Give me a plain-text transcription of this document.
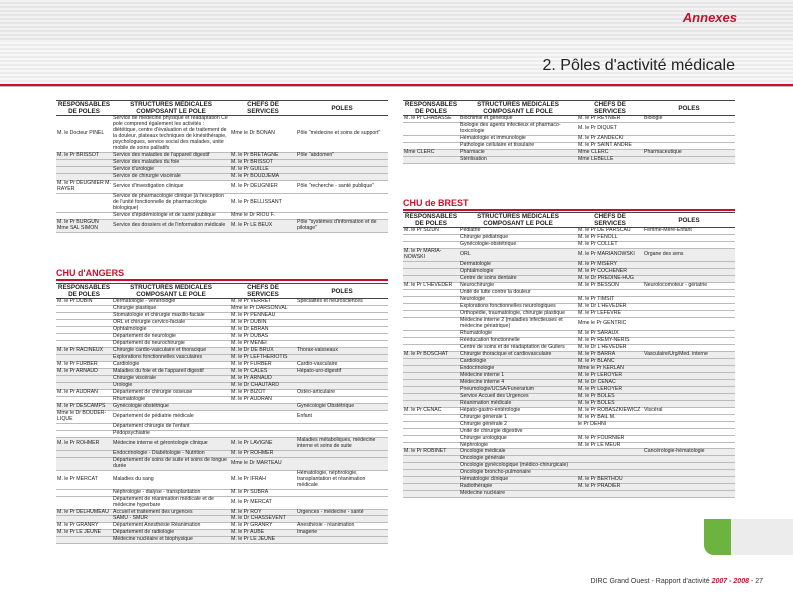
Annexes
2. Pôles d'activité médicale
RESPONSABLES DE POLES	STRUCTURES MEDICALES COMPOSANT LE POLE	CHEFS DE SERVICES	POLES
M. le Docteur PINEL	Service de médecine physique et réadaptation Ce pole comprend également les activités : diététique, centre d'évaluation et de traitement de la douleur, plateaux techniques de kinésithérapie, psychologues, service social des malades, unite mobile de soins palliatifs	Mme le Dr BONAN	Pôle "médecine et soins de support"
M. le Pr BRISSOT	Service des maladies de l'appareil digestif	M. le Pr BRETAGNE	Pôle "abdomen"
	Service des maladies du foie	M. le Pr BRISSOT	
	Service d'urologie	M. le Pr GUILLE	
	Service de chirurgie viscérale	M. le Pr BOUDJEMA	
M. le Pr DEUGNIER M. RAYER	Service d'investigation clinique	M. le Pr DEUGNIER	Pôle "recherche - santé publique"
	Service de pharmacologie clinique (à l'exception de l'unité fonctionnelle de pharmacologie biologique)	M. le Pr BELLISSANT	
	Service d'épidémiologie et de santé publique	Mme le Dr RIOU F.	
M. le Pr BURGUN Mme SAL SIMON	Service des dossiers et de l'information médicale	M. le Pr LE BEUX	Pôle "systèmes d'information et de pilotage"
CHU d'ANGERS
RESPONSABLES DE POLES	STRUCTURES MEDICALES COMPOSANT LE POLE	CHEFS DE SERVICES	POLES
M. le Pr DUBIN	Dermatologie - vénérologie	M. le Pr VERRET	Spécialités et neurosciences
	Chirurgie plastique	Mme le Pr DARSONVAL	
	Stomatologie et chirurgie maxillo-faciale	M. le Pr PENNEAU	
	ORL et chirurgie cervico-faciale	M. le Pr DUBIN	
	Ophtalmologie	M. le Dr EBRAN	
	Département de neurologie	M. le Pr DUBAS	
	Département de neurochirurgie	M. le Pr MENEI	
M. le Pr RACINEUX	Chirurgie cardio-vasculaire et thoracique	M. le Dr DE BRUX	Thorax-vaisseaux
	Explorations fonctionnelles vasculaires	M. le Pr LEFTHERIOTIS	
M. le Pr FURBER	Cardiologie	M. le Pr FURBER	Cardio-vasculaire
M. le Pr ARNAUD	Maladies du foie et de l'appareil digestif	M. le Pr CALES	Hépato-uro-digestif
	Chirurgie viscérale	M. le Pr ARNAUD	
	Urologie	M. le Dr CHAUTARD	
M. le Pr AUDRAN	Département de chirurgie osseuse	M. le Pr BIZOT	Ostéo-articulaire
	Rhumatologie	M. le Pr AUDRAN	
M. le Pr DESCAMPS	Gynécologie obstétrique		Gynécologie Obstétrique
Mme le Dr BOUDER-LIQUE	Département de pédiatrie médicale		Enfant
	Département chirurgie de l'enfant		
	Pédopsychiatrie		
M. le Pr ROHMER	Médecine interne et gérontologie clinique	M. le Pr LAVIGNE	Maladies métaboliques, médecine interne et soins de suite
	Endocrinologie - Diabétologie - Nutrition	M. le Pr ROHMER	
	Département de soins de suite et soins de longue durée	Mme le Dr MARTEAU	
M. le Pr MERCAT	Maladies du sang	M. le Pr IFRAH	Hématologie, néphrologie, transplantation et réanimation médicale
	Néphrologie - dialyse - transplantation	M. le Pr SUBRA	
	Département de réanimation médicale et de médecine hyperbare	M. le Pr MERCAT	
M. le Pr DELHUMEAU	Accueil et traitement des urgences	M. le Pr ROY	Urgences - médecine - santé
	SAMU - SMUR	M. le Dr CHASSEVENT	
M. le Pr GRANRY	Département Anesthésie Réanimation	M. le Pr GRANRY	Anesthésie - réanimation
M. le Pr LE JEUNE	Département de radiologie	M. le Pr AUBE	Imagerie
	Médecine nucléaire et biophysique	M. le Pr LE JEUNE	
RESPONSABLES DE POLES	STRUCTURES MEDICALES COMPOSANT LE POLE	CHEFS DE SERVICES	POLES
M. le Pr CHABASSE	Biochimie et génétique	M. le Pr REYNIER	Biologie
	Biologie des agents infectieux et pharmaco-toxicologie	M. le Pr DIQUET	
	Hématologie et immunologie	M. le Pr ZANDECKI	
	Pathologie cellulaire et tissulaire	M. le Pr SAINT ANDRE	
Mme CLERC	Pharmacie	Mme CLERC	Pharmaceutique
	Stérilisation	Mme LEBELLE	
CHU de BREST
RESPONSABLES DE POLES	STRUCTURES MEDICALES COMPOSANT LE POLE	CHEFS DE SERVICES	POLES
M. le Pr SIZUN	Pédiatrie	M. le Pr DE PARSCAU	Femme-Mère-Enfant
	Chirurgie pédiatrique	M. le Pr FENOLL	
	Gynécologie-obstétrique	M. le Pr COLLET	
M. le Pr MARIA-NOWSKI	ORL	M. le Pr MARIANOWSKI	Organe des sens
	Dermatologie	M. le Pr MISERY	
	Ophtalmologie	M. le Pr COCHENER	
	Centre de soins dentaire	M. le Dr PREDINE-HUG	
M. le Pr L'HEVEDER	Neurochirurgie	M. le Pr BESSON	Neurolocomoteur - gériatrie
	Unité de lutte contre la douleur		
	Neurologie	M. le Pr TIMSIT	
	Explorations fonctionnelles neurologiques	M. le Dr L'HEVEDER	
	Orthopédie, traumatologie, chirurgie plastique	M. le Pr LEFEVRE	
	Médecine interne 2 (maladies infectieuses et médecine gériatrique)	Mme le Pr GENTRIC	
	Rhumatologie	M. le Pr SARAUX	
	Rééducation fonctionnelle	M. le Pr REMY-NERIS	
	Centre de soins et de réadaptation de Guilers	M. le Dr L'HEVEDER	
M. le Pr BOSCHAT	Chirurgie thoracique et cardiovasculaire	M. le Pr BARRA	Vasculaire/Urg/Med. interne
	Cardiologie	M. le Pr BLANC	
	Endocrinologie	Mme le Pr KERLAN	
	Médecine interne 1	M. le Pr LEROYER	
	Médecine interne 4	M. le Dr CENAC	
	Pneumologie/UCSA/Funerarium	M. le Pr LEROYER	
	Service Accueil des Urgences	M. le Pr BOLES	
	Réanimation médicale	M. le Pr BOLES	
M. le Pr CENAC	Hépato-gastro-entérologie	M. le Pr ROBASZKIEWICZ	Viscéral
	Chirurgie générale 1	M. le Pr BAIL M.	
	Chirurgie générale 2	le Pr DEHNI	
	Unité de chirurgie digestive		
	Chirurgie urologique	M. le Pr FOURNIER	
	Néphrologie	M. le Pr LE MEUR	
M. le Pr ROBINET	Oncologie médicale		Cancérologie-hématologie
	Oncologie générale		
	Oncologie gynécologique (médico-chirurgicale)		
	Oncologie broncho-pulmonaire		
	Hématologie clinique	M. le Pr BERTHOU	
	Radiothérapie	M. le Pr PRADIER	
	Médecine nucléaire		
DIRC Grand Ouest - Rapport d'activité 2007 - 2008 - 27
